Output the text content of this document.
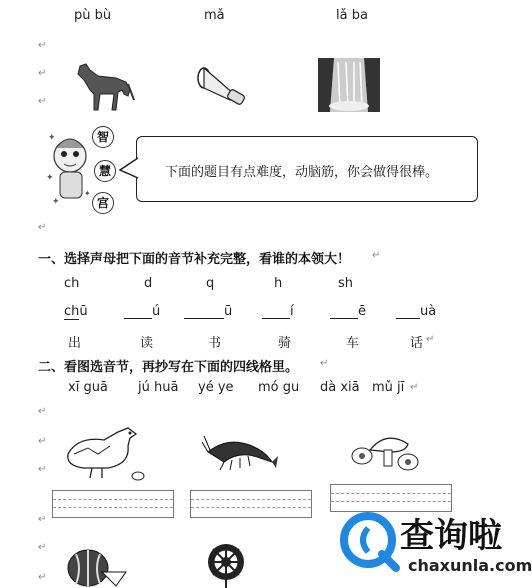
↵
↵
↵
↵
↵
↵
↵
↵
↵
↵
pù bù	mǎ	lǎ ba
✦
✦
✦
✦
智
慧
宫
下面的题目有点难度，动脑筋，你会做得很棒。
一、选择声母把下面的音节补充完整，看谁的本领大！ ↵
ch	d	q	h	sh
chū	ú	ū	í	ē	uà
出	读	书	骑	车	话 ↵
二、看图选音节，再抄写在下面的四线格里。 ↵
xī guā jú huā yé ye mó gu dà xiā mǔ jī ↵
查询啦
chaxunla.com
